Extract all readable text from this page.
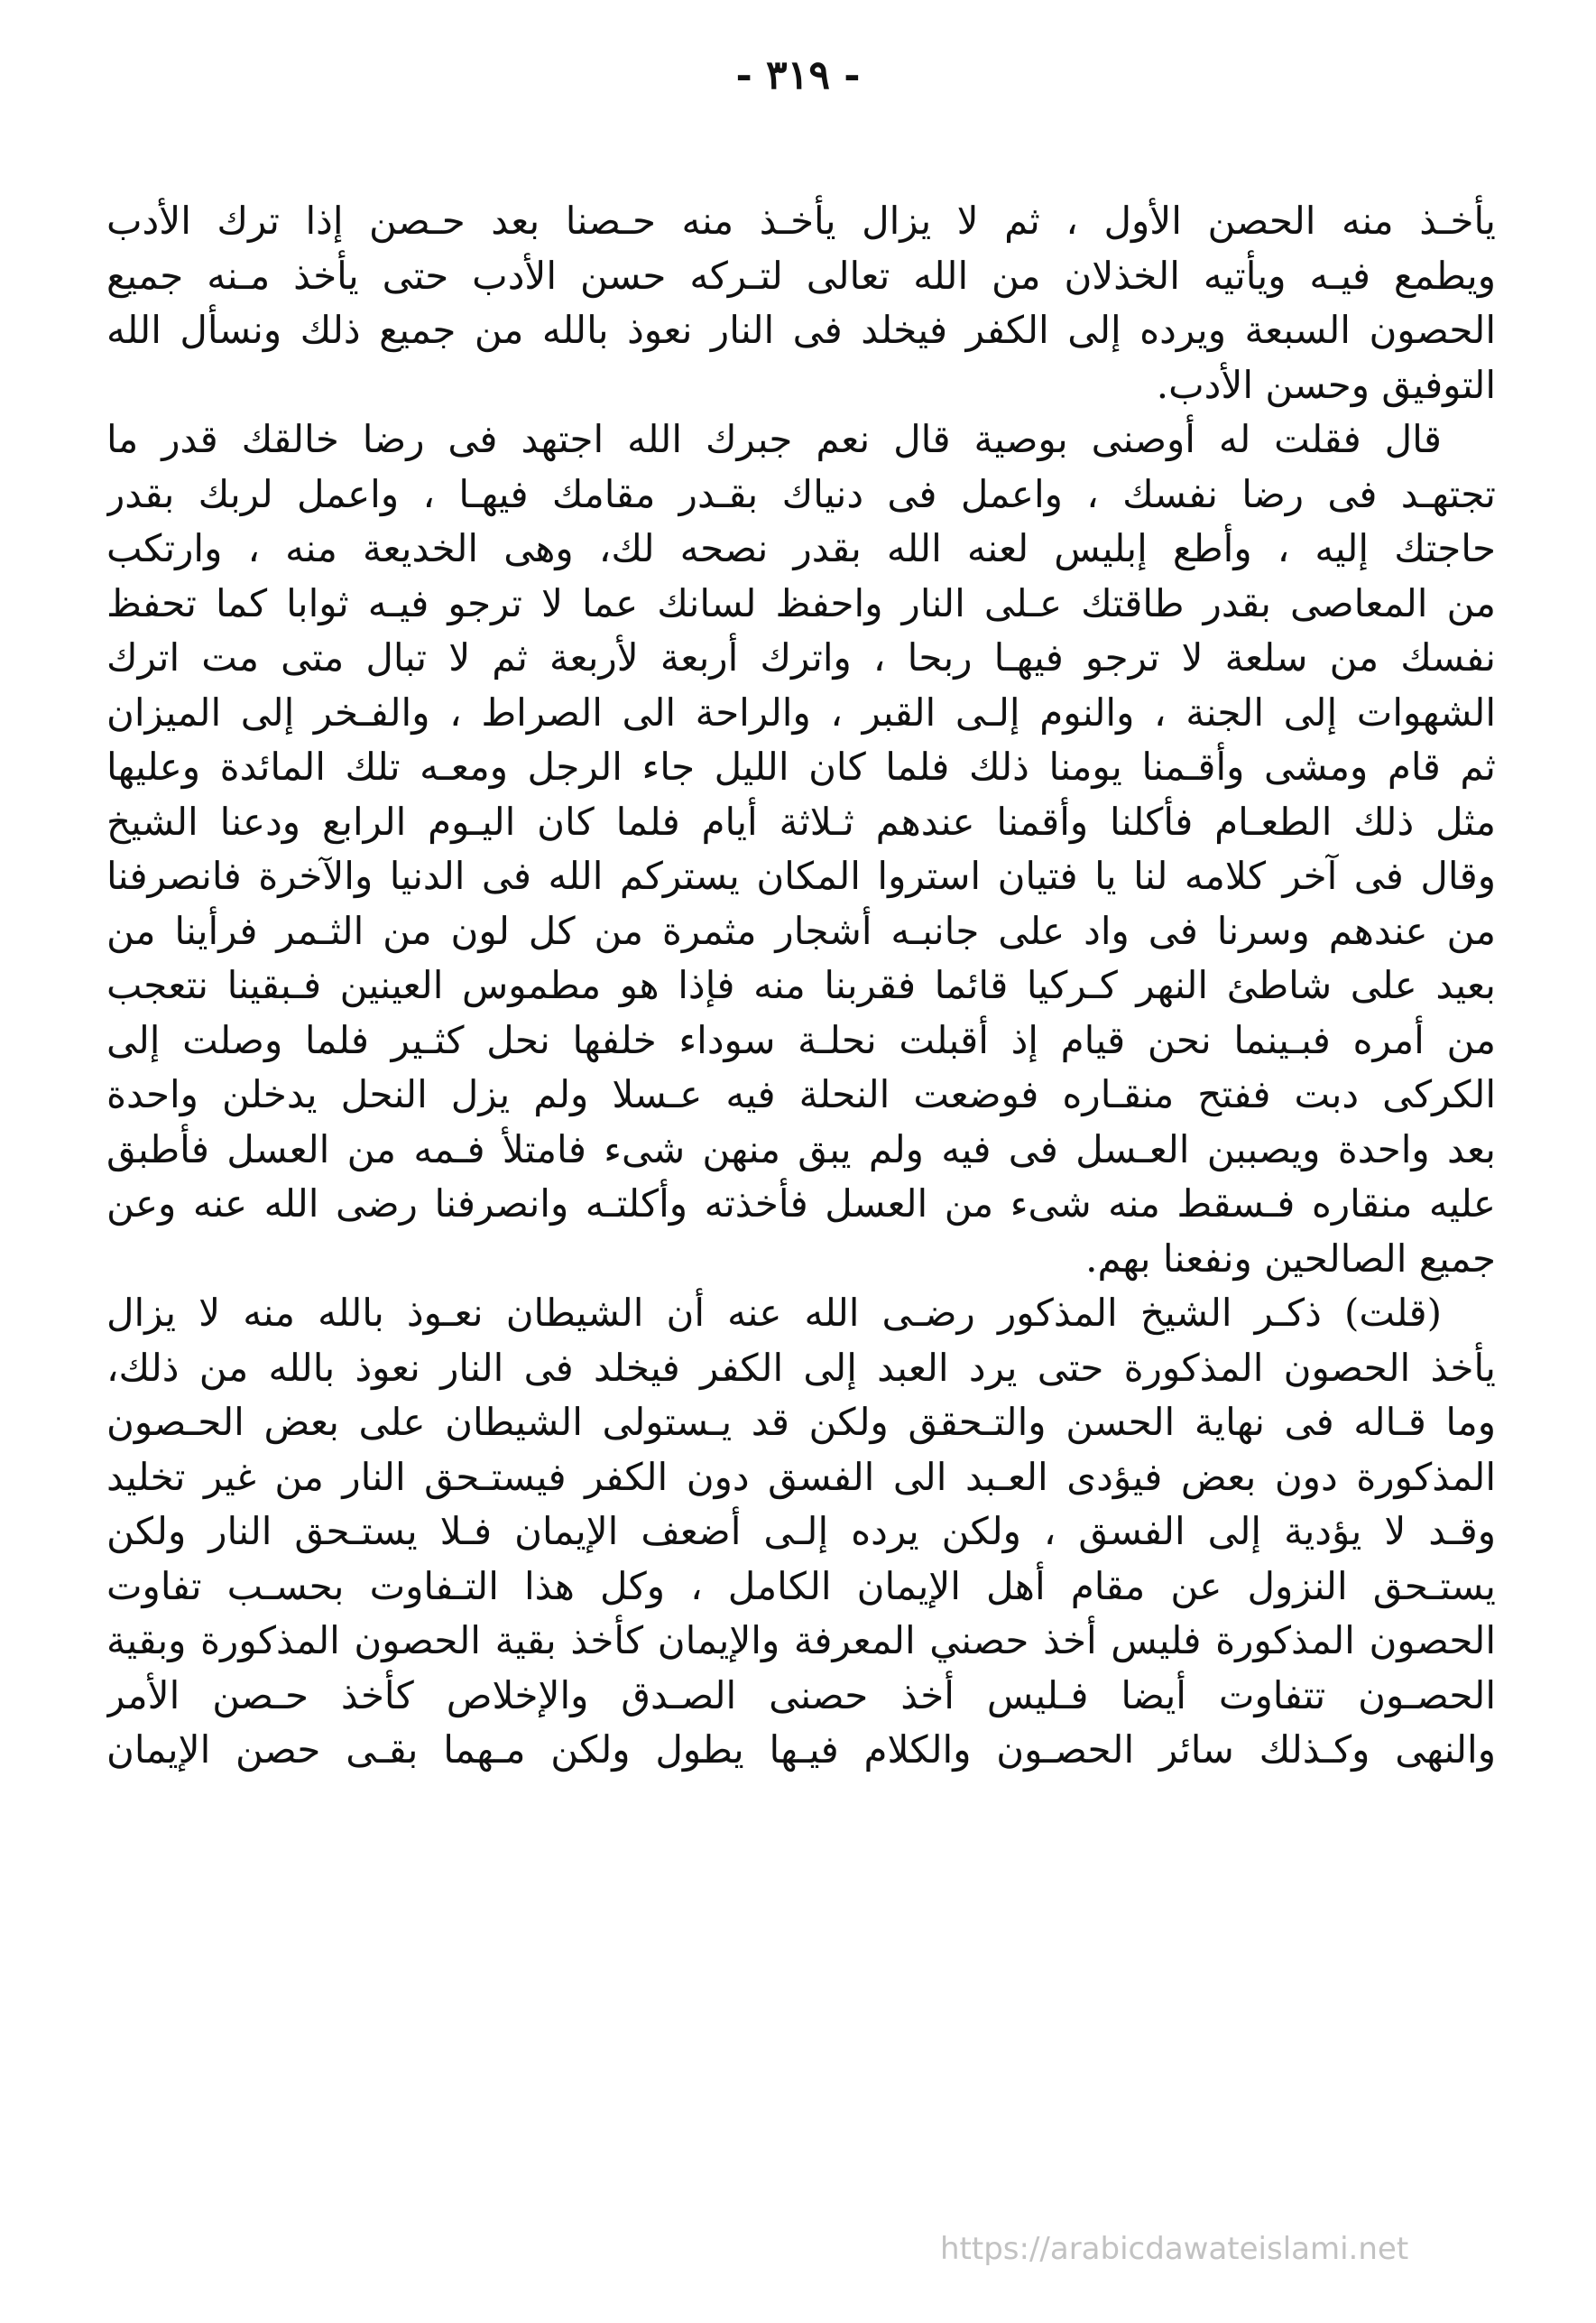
- ٣١٩ -
يأخـذ منه الحصن الأول ، ثم لا يزال يأخـذ منه حـصنا بعد حـصن إذا ترك الأدب
ويطمع فيـه ويأتيه الخذلان من الله تعالى لتـركه حسن الأدب حتى يأخذ مـنه جميع
الحصون السبعة ويرده إلى الكفر فيخلد فى النار نعوذ بالله من جميع ذلك ونسأل الله
التوفيق وحسن الأدب.
قال فقلت له أوصنى بوصية قال نعم جبرك الله اجتهد فى رضا خالقك قدر ما
تجتهـد فى رضا نفسك ، واعمل فى دنياك بقـدر مقامك فيهـا ، واعمل لربك بقدر
حاجتك إليه ، وأطع إبليس لعنه الله بقدر نصحه لك، وهى الخديعة منه ، وارتكب
من المعاصى بقدر طاقتك عـلى النار واحفظ لسانك عما لا ترجو فيـه ثوابا كما تحفظ
نفسك من سلعة لا ترجو فيهـا ربحا ، واترك أربعة لأربعة ثم لا تبال متى مت اترك
الشهوات إلى الجنة ، والنوم إلـى القبر ، والراحة الى الصراط ، والفـخر إلى الميزان
ثم قام ومشى وأقـمنا يومنا ذلك فلما كان الليل جاء الرجل ومعـه تلك المائدة وعليها
مثل ذلك الطعـام فأكلنا وأقمنا عندهم ثـلاثة أيام فلما كان اليـوم الرابع ودعنا الشيخ
وقال فى آخر كلامه لنا يا فتيان استروا المكان يستركم الله فى الدنيا والآخرة فانصرفنا
من عندهم وسرنا فى واد على جانبـه أشجار مثمرة من كل لون من الثـمر فرأينا من
بعيد على شاطئ النهر كـركيا قائما فقربنا منه فإذا هو مطموس العينين فـبقينا نتعجب
من أمره فبـينما نحن قيام إذ أقبلت نحلـة سوداء خلفها نحل كثـير فلما وصلت إلى
الكركى دبت ففتح منقـاره فوضعت النحلة فيه عـسلا ولم يزل النحل يدخلن واحدة
بعد واحدة ويصببن العـسل فى فيه ولم يبق منهن شىء فامتلأ فـمه من العسل فأطبق
عليه منقاره فـسقط منه شىء من العسل فأخذته وأكلتـه وانصرفنا رضى الله عنه وعن
جميع الصالحين ونفعنا بهم.
(قلت) ذكـر الشيخ المذكور رضـى الله عنه أن الشيطان نعـوذ بالله منه لا يزال
يأخذ الحصون المذكورة حتى يرد العبد إلى الكفر فيخلد فى النار نعوذ بالله من ذلك،
وما قـاله فى نهاية الحسن والتـحقق ولكن قد يـستولى الشيطان على بعض الحـصون
المذكورة دون بعض فيؤدى العـبد الى الفسق دون الكفر فيستـحق النار من غير تخليد
وقـد لا يؤدية إلى الفسق ، ولكن يرده إلـى أضعف الإيمان فـلا يستـحق النار ولكن
يستـحق النزول عن مقام أهل الإيمان الكامل ، وكل هذا التـفاوت بحسـب تفاوت
الحصون المذكورة فليس أخذ حصني المعرفة والإيمان كأخذ بقية الحصون المذكورة وبقية
الحصـون تتفاوت أيضا فـليس أخذ حصنى الصـدق والإخلاص كأخذ حـصن الأمر
والنهى وكـذلك سائر الحصـون والكلام فيـها يطول ولكن مـهما بقـى حصن الإيمان
https://arabicdawateislami.net
